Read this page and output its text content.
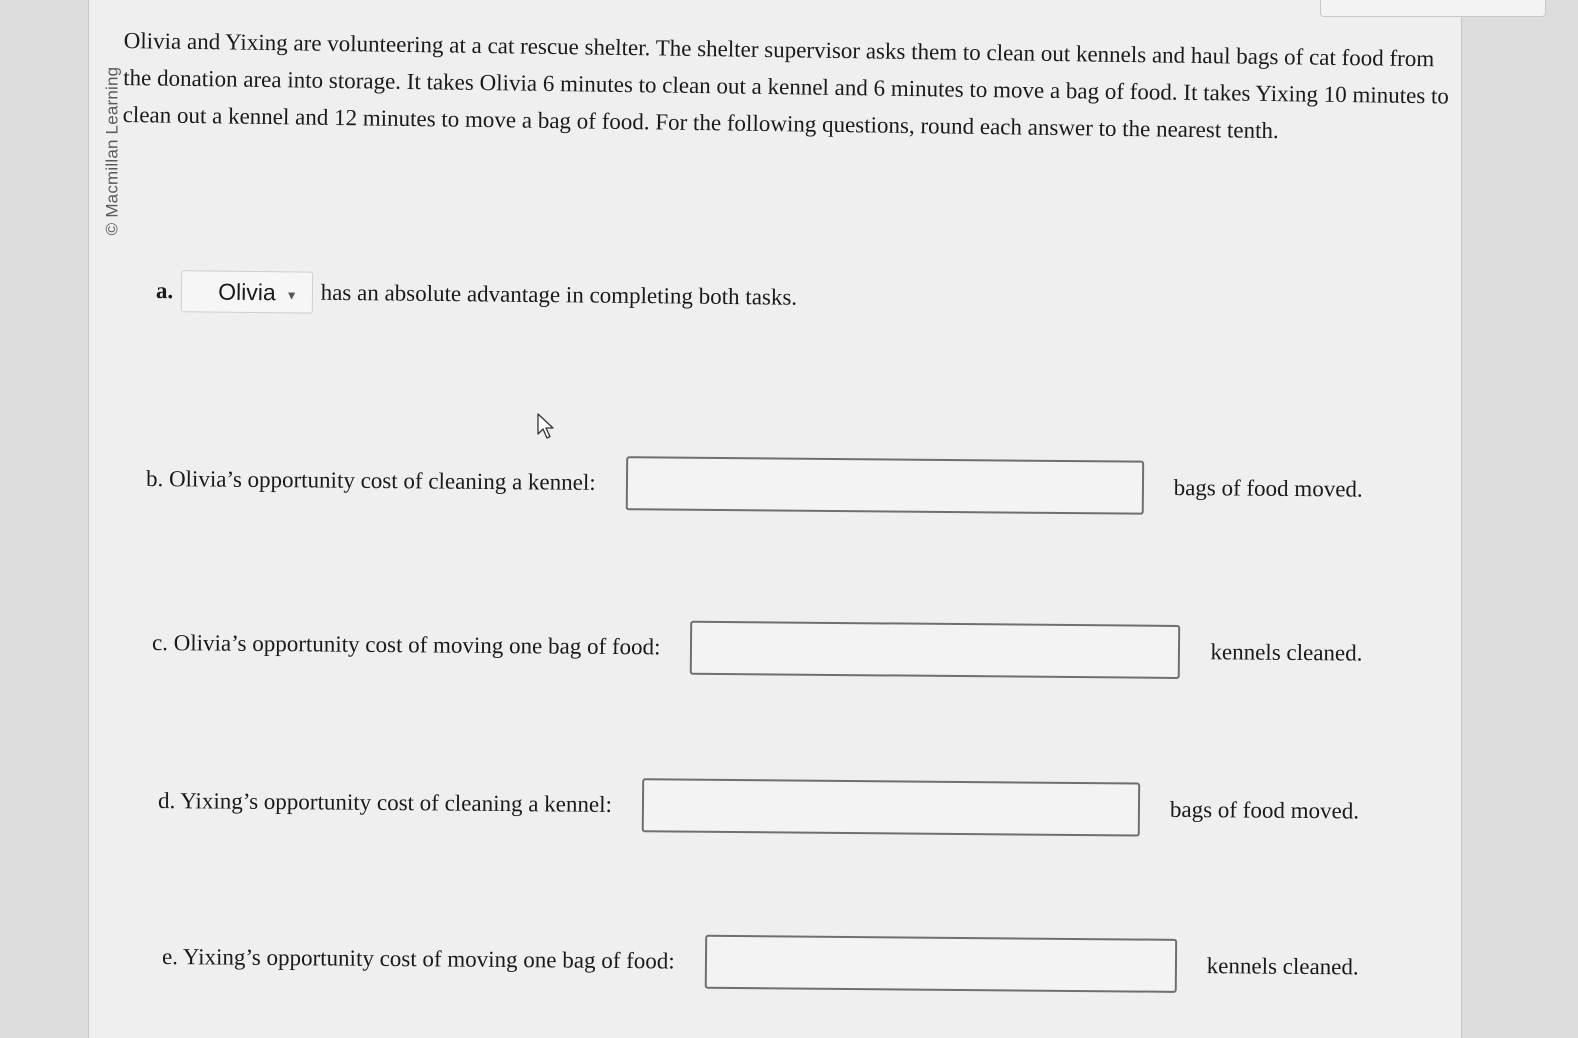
© Macmillan Learning

Olivia and Yixing are volunteering at a cat rescue shelter. The shelter supervisor asks them to clean out kennels and haul bags of cat food from the donation area into storage. It takes Olivia 6 minutes to clean out a kennel and 6 minutes to move a bag of food. It takes Yixing 10 minutes to clean out a kennel and 12 minutes to move a bag of food. For the following questions, round each answer to the nearest tenth.

a. Olivia ▼ has an absolute advantage in completing both tasks.
b. Olivia’s opportunity cost of cleaning a kennel:	bags of food moved.
c. Olivia’s opportunity cost of moving one bag of food:	kennels cleaned.
d. Yixing’s opportunity cost of cleaning a kennel:	bags of food moved.
e. Yixing’s opportunity cost of moving one bag of food:	kennels cleaned.
